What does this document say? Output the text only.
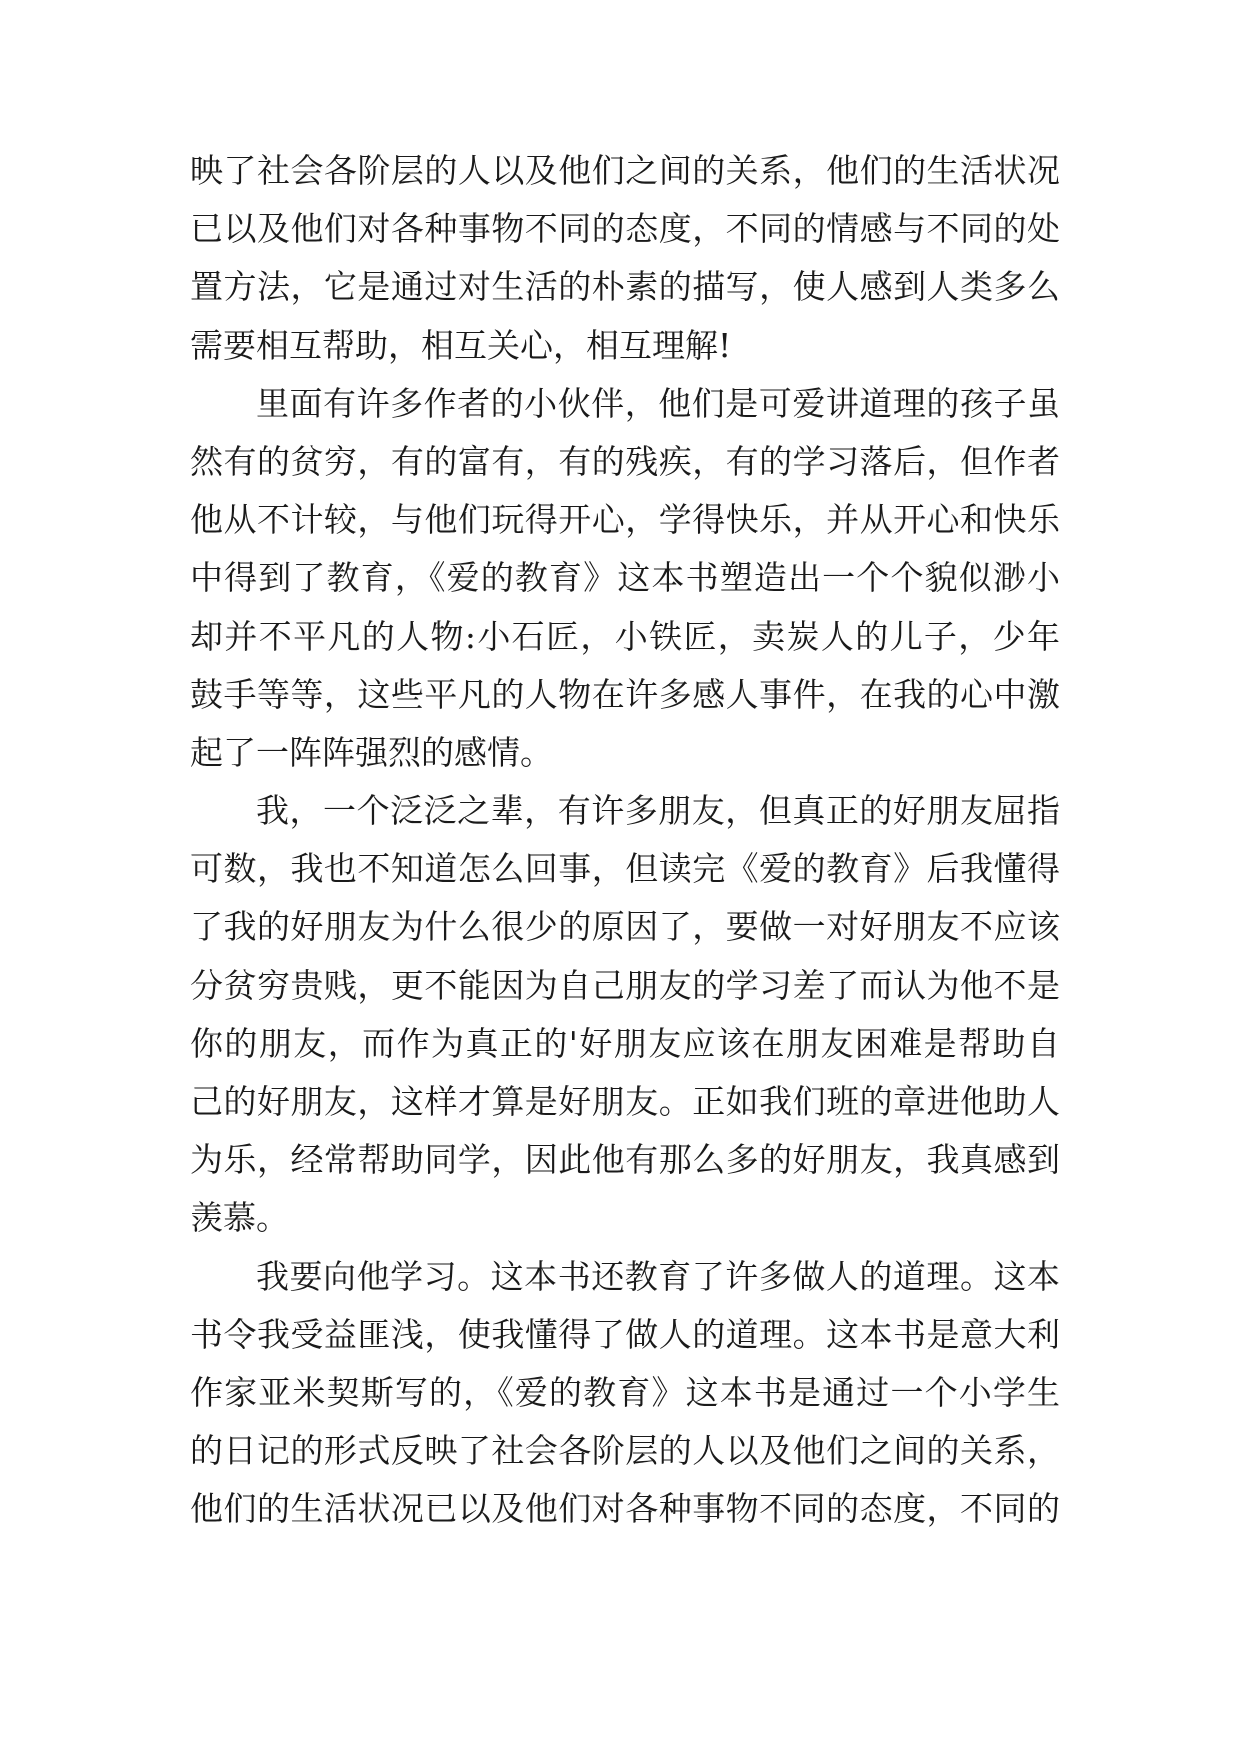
映了社会各阶层的人以及他们之间的关系，他们的生活状况
已以及他们对各种事物不同的态度，不同的情感与不同的处
置方法，它是通过对生活的朴素的描写，使人感到人类多么
需要相互帮助，相互关心，相互理解!
里面有许多作者的小伙伴，他们是可爱讲道理的孩子虽
然有的贫穷，有的富有，有的残疾，有的学习落后，但作者
他从不计较，与他们玩得开心，学得快乐，并从开心和快乐
中得到了教育，《爱的教育》这本书塑造出一个个貌似渺小
却并不平凡的人物:小石匠，小铁匠，卖炭人的儿子，少年
鼓手等等，这些平凡的人物在许多感人事件，在我的心中激
起了一阵阵强烈的感情。
我，一个泛泛之辈，有许多朋友，但真正的好朋友屈指
可数，我也不知道怎么回事，但读完《爱的教育》后我懂得
了我的好朋友为什么很少的原因了，要做一对好朋友不应该
分贫穷贵贱，更不能因为自己朋友的学习差了而认为他不是
你的朋友，而作为真正的'好朋友应该在朋友困难是帮助自
己的好朋友，这样才算是好朋友。正如我们班的章进他助人
为乐，经常帮助同学，因此他有那么多的好朋友，我真感到
羡慕。
我要向他学习。这本书还教育了许多做人的道理。这本
书令我受益匪浅，使我懂得了做人的道理。这本书是意大利
作家亚米契斯写的，《爱的教育》这本书是通过一个小学生
的日记的形式反映了社会各阶层的人以及他们之间的关系，
他们的生活状况已以及他们对各种事物不同的态度，不同的
